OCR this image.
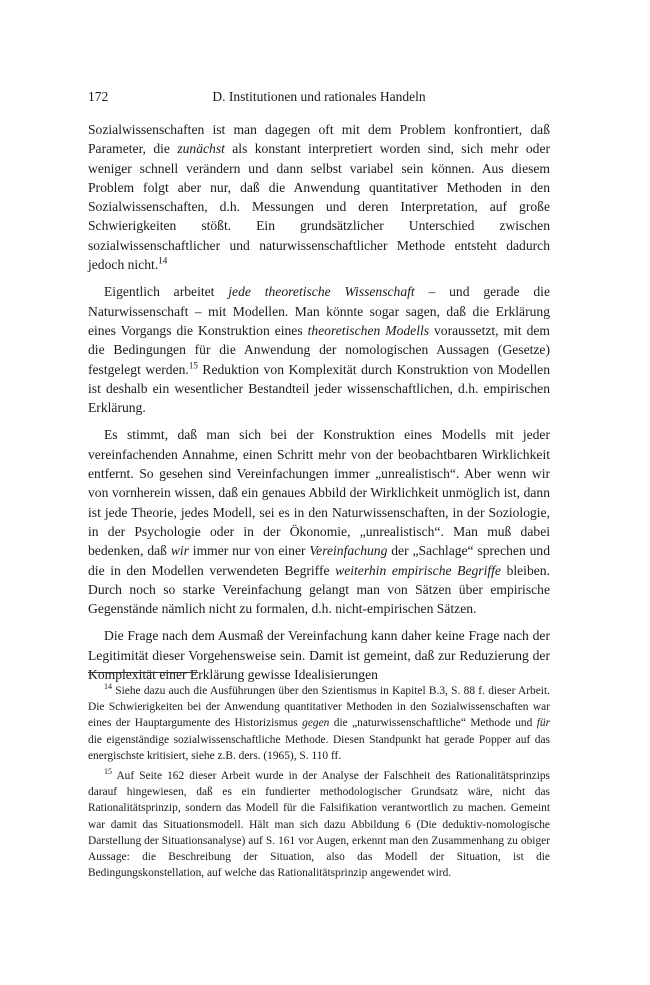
172	D. Institutionen und rationales Handeln

Sozialwissenschaften ist man dagegen oft mit dem Problem konfrontiert, daß Parameter, die zunächst als konstant interpretiert worden sind, sich mehr oder weniger schnell verändern und dann selbst variabel sein können. Aus diesem Problem folgt aber nur, daß die Anwendung quantitativer Methoden in den Sozialwissenschaften, d.h. Messungen und deren Interpretation, auf große Schwierigkeiten stößt. Ein grundsätzlicher Unterschied zwischen sozialwissenschaftlicher und naturwissenschaftlicher Methode entsteht dadurch jedoch nicht.$^{14}$

Eigentlich arbeitet jede theoretische Wissenschaft – und gerade die Naturwissenschaft – mit Modellen. Man könnte sogar sagen, daß die Erklärung eines Vorgangs die Konstruktion eines theoretischen Modells voraussetzt, mit dem die Bedingungen für die Anwendung der nomologischen Aussagen (Gesetze) festgelegt werden.$^{15}$ Reduktion von Komplexität durch Konstruktion von Modellen ist deshalb ein wesentlicher Bestandteil jeder wissenschaftlichen, d.h. empirischen Erklärung.

Es stimmt, daß man sich bei der Konstruktion eines Modells mit jeder vereinfachenden Annahme, einen Schritt mehr von der beobachtbaren Wirklichkeit entfernt. So gesehen sind Vereinfachungen immer „unrealistisch“. Aber wenn wir von vornherein wissen, daß ein genaues Abbild der Wirklichkeit unmöglich ist, dann ist jede Theorie, jedes Modell, sei es in den Naturwissenschaften, in der Soziologie, in der Psychologie oder in der Ökonomie, „unrealistisch“. Man muß dabei bedenken, daß wir immer nur von einer Vereinfachung der „Sachlage“ sprechen und die in den Modellen verwendeten Begriffe weiterhin empirische Begriffe bleiben. Durch noch so starke Vereinfachung gelangt man von Sätzen über empirische Gegenstände nämlich nicht zu formalen, d.h. nicht-empirischen Sätzen.

Die Frage nach dem Ausmaß der Vereinfachung kann daher keine Frage nach der Legitimität dieser Vorgehensweise sein. Damit ist gemeint, daß zur Reduzierung der Komplexität einer Erklärung gewisse Idealisierungen

$^{14}$ Siehe dazu auch die Ausführungen über den Szientismus in Kapitel B.3, S. 88 f. dieser Arbeit. Die Schwierigkeiten bei der Anwendung quantitativer Methoden in den Sozialwissenschaften war eines der Hauptargumente des Historizismus gegen die „naturwissenschaftliche“ Methode und für die eigenständige sozialwissenschaftliche Methode. Diesen Standpunkt hat gerade Popper auf das energischste kritisiert, siehe z.B. ders. (1965), S. 110 ff.

$^{15}$ Auf Seite 162 dieser Arbeit wurde in der Analyse der Falschheit des Rationalitätsprinzips darauf hingewiesen, daß es ein fundierter methodologischer Grundsatz wäre, nicht das Rationalitätsprinzip, sondern das Modell für die Falsifikation verantwortlich zu machen. Gemeint war damit das Situationsmodell. Hält man sich dazu Abbildung 6 (Die deduktiv-nomologische Darstellung der Situationsanalyse) auf S. 161 vor Augen, erkennt man den Zusammenhang zu obiger Aussage: die Beschreibung der Situation, also das Modell der Situation, ist die Bedingungskonstellation, auf welche das Rationalitätsprinzip angewendet wird.
